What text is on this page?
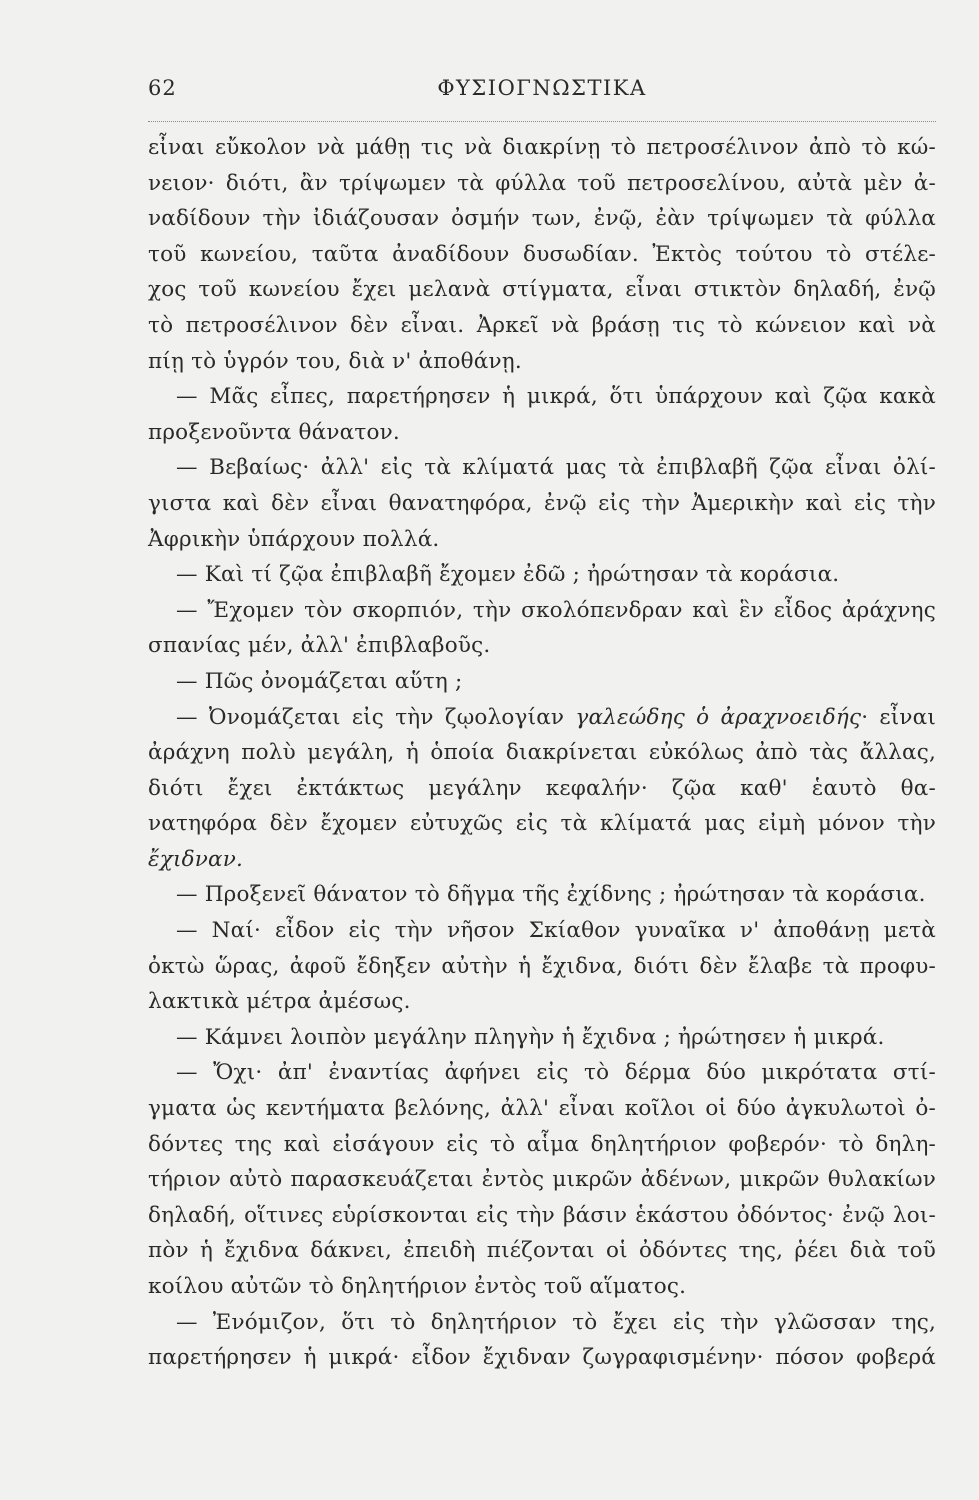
62	ΦΥΣΙΟΓΝΩΣΤΙΚΑ
εἶναι εὔκολον νὰ μάθῃ τις νὰ διακρίνῃ τὸ πετροσέλινον ἀπὸ τὸ κώ-
νειον· διότι, ἂν τρίψωμεν τὰ φύλλα τοῦ πετροσελίνου, αὐτὰ μὲν ἀ-
ναδίδουν τὴν ἰδιάζουσαν ὀσμήν των, ἐνῷ, ἐὰν τρίψωμεν τὰ φύλλα
τοῦ κωνείου, ταῦτα ἀναδίδουν δυσωδίαν. Ἐκτὸς τούτου τὸ στέλε-
χος τοῦ κωνείου ἔχει μελανὰ στίγματα, εἶναι στικτὸν δηλαδή, ἐνῷ
τὸ πετροσέλινον δὲν εἶναι. Ἀρκεῖ νὰ βράσῃ τις τὸ κώνειον καὶ νὰ
πίῃ τὸ ὑγρόν του, διὰ ν' ἀποθάνῃ.
— Μᾶς εἶπες, παρετήρησεν ἡ μικρά, ὅτι ὑπάρχουν καὶ ζῷα κακὰ
προξενοῦντα θάνατον.
— Βεβαίως· ἀλλ' εἰς τὰ κλίματά μας τὰ ἐπιβλαβῆ ζῷα εἶναι ὀλί-
γιστα καὶ δὲν εἶναι θανατηφόρα, ἐνῷ εἰς τὴν Ἀμερικὴν καὶ εἰς τὴν
Ἀφρικὴν ὑπάρχουν πολλά.
— Καὶ τί ζῷα ἐπιβλαβῆ ἔχομεν ἐδῶ ; ἠρώτησαν τὰ κοράσια.
— Ἔχομεν τὸν σκορπιόν, τὴν σκολόπενδραν καὶ ἓν εἶδος ἀράχνης
σπανίας μέν, ἀλλ' ἐπιβλαβοῦς.
— Πῶς ὀνομάζεται αὕτη ;
— Ὀνομάζεται εἰς τὴν ζῳολογίαν γαλεώδης ὁ ἀραχνοειδής· εἶναι
ἀράχνη πολὺ μεγάλη, ἡ ὁποία διακρίνεται εὐκόλως ἀπὸ τὰς ἄλλας,
διότι ἔχει ἐκτάκτως μεγάλην κεφαλήν· ζῷα καθ' ἑαυτὸ θα-
νατηφόρα δὲν ἔχομεν εὐτυχῶς εἰς τὰ κλίματά μας εἰμὴ μόνον τὴν
ἔχιδναν.
— Προξενεῖ θάνατον τὸ δῆγμα τῆς ἐχίδνης ; ἠρώτησαν τὰ κοράσια.
— Ναί· εἶδον εἰς τὴν νῆσον Σκίαθον γυναῖκα ν' ἀποθάνῃ μετὰ
ὀκτὼ ὥρας, ἀφοῦ ἔδηξεν αὐτὴν ἡ ἔχιδνα, διότι δὲν ἔλαβε τὰ προφυ-
λακτικὰ μέτρα ἀμέσως.
— Κάμνει λοιπὸν μεγάλην πληγὴν ἡ ἔχιδνα ; ἠρώτησεν ἡ μικρά.
— Ὄχι· ἀπ' ἐναντίας ἀφήνει εἰς τὸ δέρμα δύο μικρότατα στί-
γματα ὡς κεντήματα βελόνης, ἀλλ' εἶναι κοῖλοι οἱ δύο ἀγκυλωτοὶ ὀ-
δόντες της καὶ εἰσάγουν εἰς τὸ αἷμα δηλητήριον φοβερόν· τὸ δηλη-
τήριον αὐτὸ παρασκευάζεται ἐντὸς μικρῶν ἀδένων, μικρῶν θυλακίων
δηλαδή, οἵτινες εὑρίσκονται εἰς τὴν βάσιν ἑκάστου ὀδόντος· ἐνῷ λοι-
πὸν ἡ ἔχιδνα δάκνει, ἐπειδὴ πιέζονται οἱ ὀδόντες της, ῥέει διὰ τοῦ
κοίλου αὐτῶν τὸ δηλητήριον ἐντὸς τοῦ αἵματος.
— Ἐνόμιζον, ὅτι τὸ δηλητήριον τὸ ἔχει εἰς τὴν γλῶσσαν της,
παρετήρησεν ἡ μικρά· εἶδον ἔχιδναν ζωγραφισμένην· πόσον φοβερά
